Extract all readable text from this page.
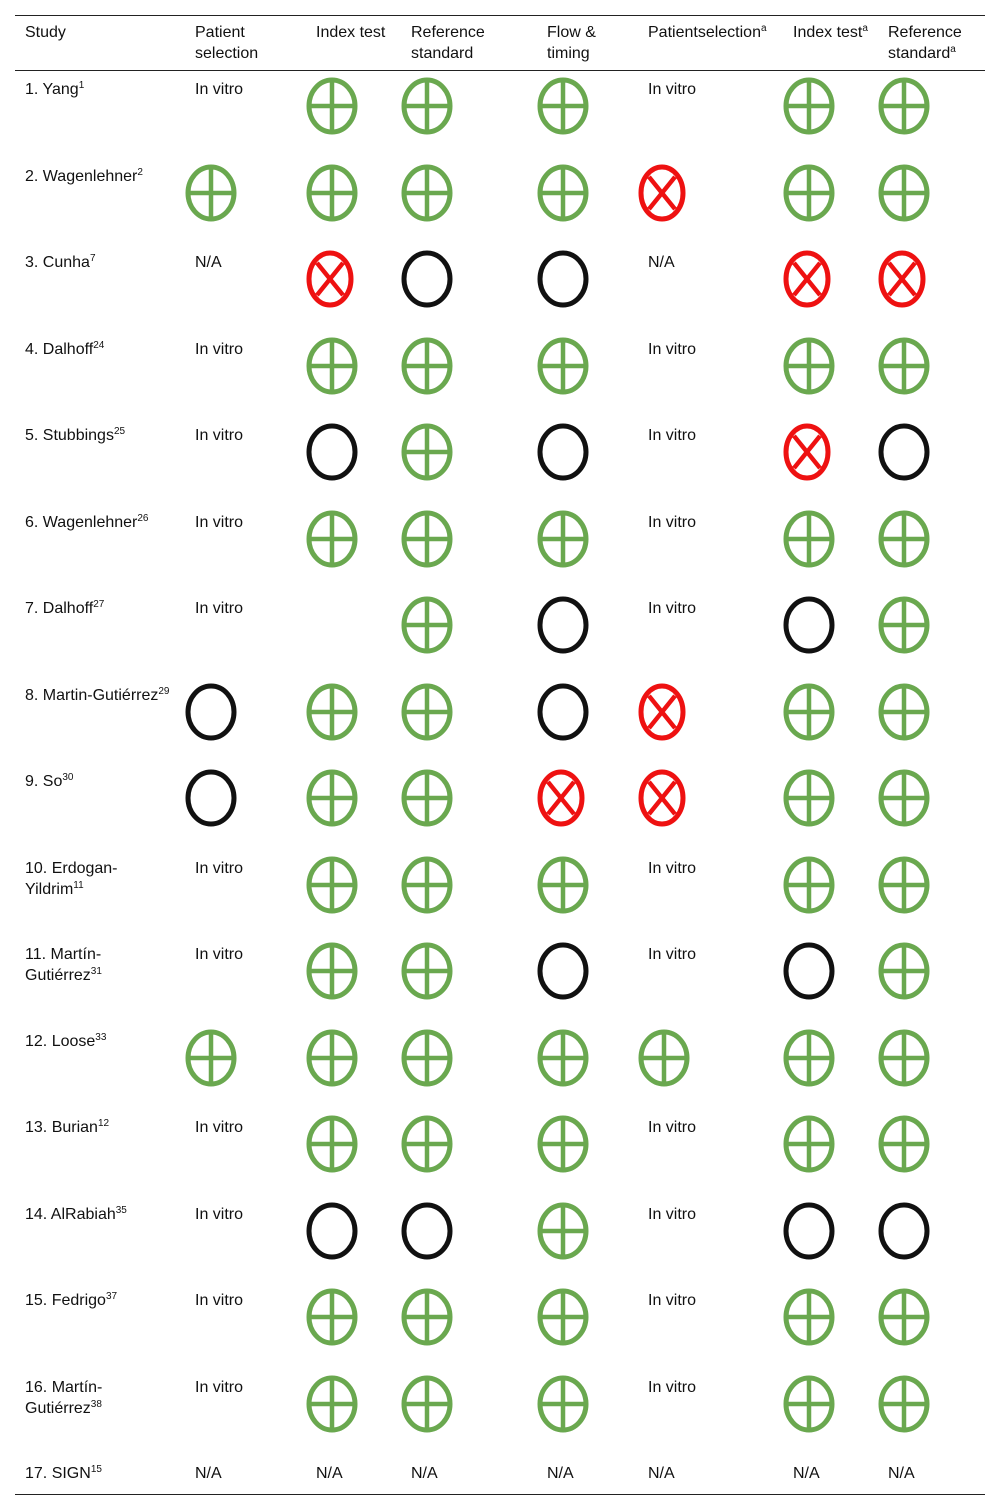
Study	Patient selection	Index test	Reference standard	Flow & timing	Patientselection$^a$	Index test$^a$	Reference standard$^a$
1. Yang$^1$	In vitro				In vitro	

2. Wagenlehner$^2$	

3. Cunha$^7$	N/A				N/A	

4. Dalhoff$^{24}$	In vitro				In vitro	

5. Stubbings$^{25}$	In vitro				In vitro	

6. Wagenlehner$^{26}$	In vitro				In vitro	

7. Dalhoff$^{27}$	In vitro				In vitro	

8. Martin-Gutiérrez$^{29}$	

9. So$^{30}$	

10. Erdogan-Yildrim$^{11}$	In vitro				In vitro	

11. Martín-Gutiérrez$^{31}$	In vitro				In vitro	

12. Loose$^{33}$	

13. Burian$^{12}$	In vitro				In vitro	

14. AlRabiah$^{35}$	In vitro				In vitro	

15. Fedrigo$^{37}$	In vitro				In vitro	

16. Martín-Gutiérrez$^{38}$	In vitro				In vitro	

17. SIGN$^{15}$	N/A	N/A	N/A	N/A	N/A	N/A	N/A
